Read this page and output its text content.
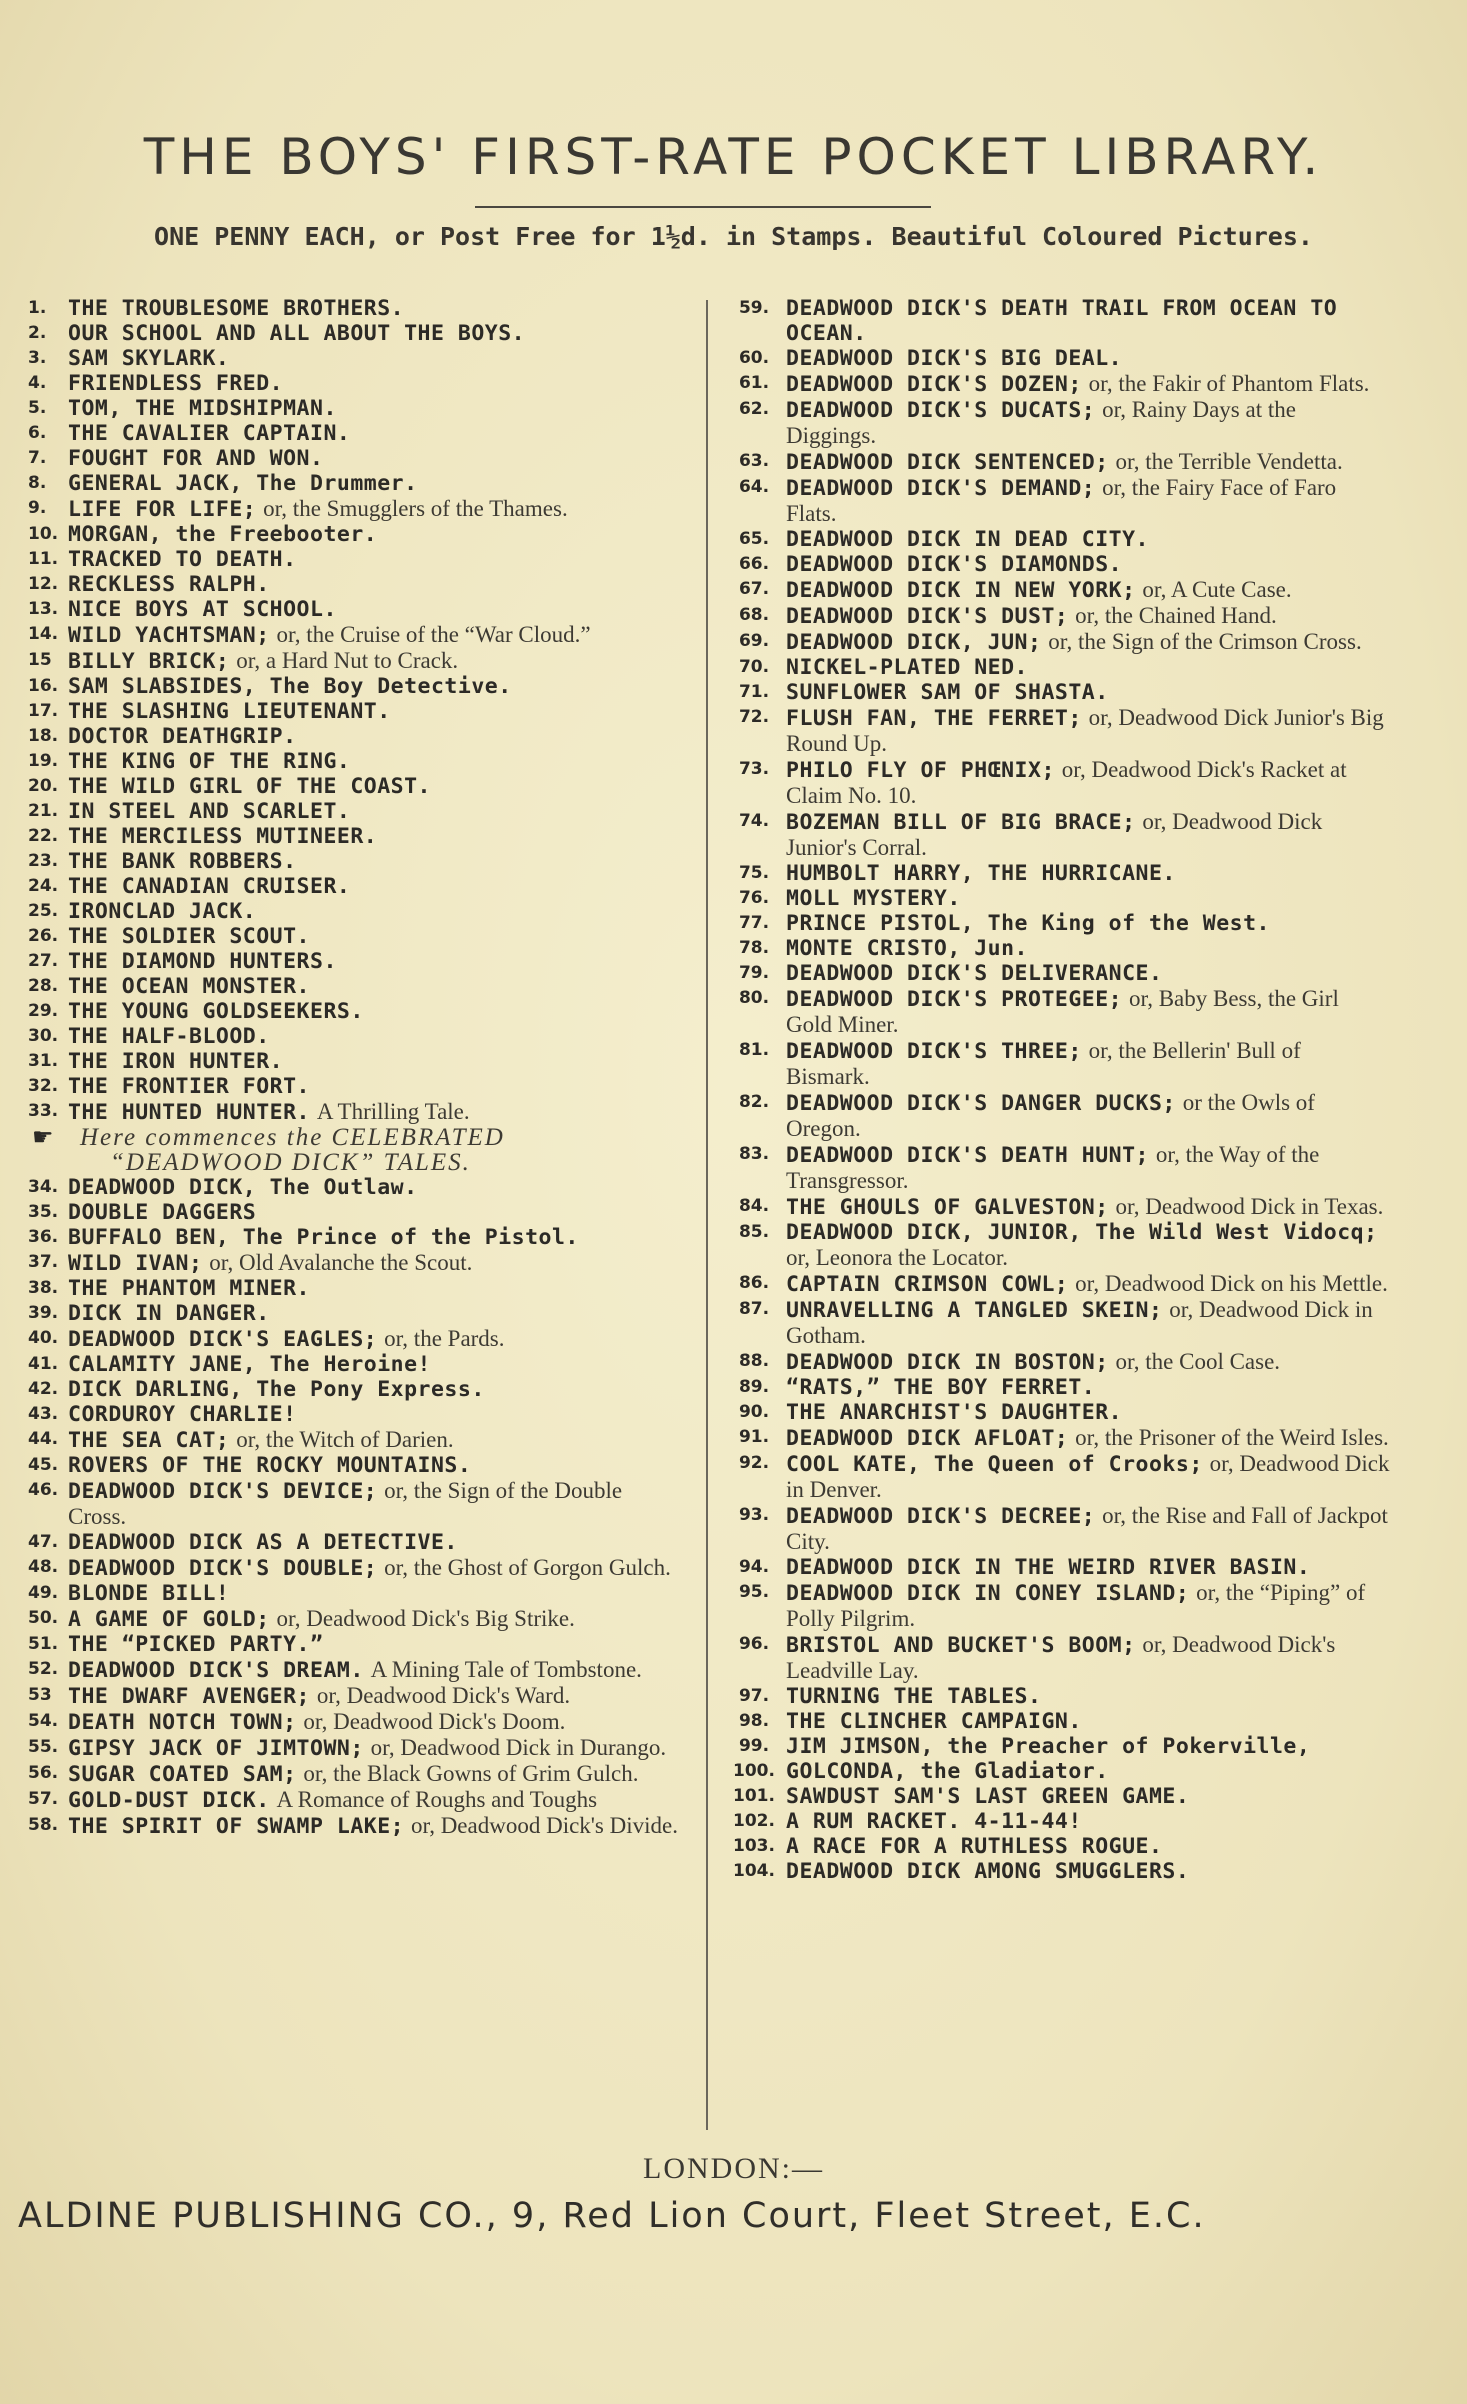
THE BOYS' FIRST-RATE POCKET LIBRARY.

ONE PENNY EACH, or Post Free for 1½d. in Stamps. Beautiful Coloured Pictures.

1.	THE TROUBLESOME BROTHERS.
2.	OUR SCHOOL AND ALL ABOUT THE BOYS.
3.	SAM SKYLARK.
4.	FRIENDLESS FRED.
5.	TOM, THE MIDSHIPMAN.
6.	THE CAVALIER CAPTAIN.
7.	FOUGHT FOR AND WON.
8.	GENERAL JACK, The Drummer.
9.	LIFE FOR LIFE; or, the Smugglers of the Thames.
10. MORGAN, the Freebooter.
11. TRACKED TO DEATH.
12. RECKLESS RALPH.
13. NICE BOYS AT SCHOOL.
14. WILD YACHTSMAN; or, the Cruise of the “War Cloud.”
15 BILLY BRICK; or, a Hard Nut to Crack.
16. SAM SLABSIDES, The Boy Detective.
17. THE SLASHING LIEUTENANT.
18. DOCTOR DEATHGRIP.
19. THE KING OF THE RING.
20. THE WILD GIRL OF THE COAST.
21. IN STEEL AND SCARLET.
22. THE MERCILESS MUTINEER.
23. THE BANK ROBBERS.
24. THE CANADIAN CRUISER.
25. IRONCLAD JACK.
26. THE SOLDIER SCOUT.
27. THE DIAMOND HUNTERS.
28. THE OCEAN MONSTER.
29. THE YOUNG GOLDSEEKERS.
30. THE HALF-BLOOD.
31. THE IRON HUNTER.
32. THE FRONTIER FORT.
33. THE HUNTED HUNTER. A Thrilling Tale.
☛	Here commences the CELEBRATED
“DEADWOOD DICK” TALES.
34. DEADWOOD DICK, The Outlaw.
35. DOUBLE DAGGERS
36. BUFFALO BEN, The Prince of the Pistol.
37. WILD IVAN; or, Old Avalanche the Scout.
38. THE PHANTOM MINER.
39. DICK IN DANGER.
40. DEADWOOD DICK'S EAGLES; or, the Pards.
41. CALAMITY JANE, The Heroine!
42. DICK DARLING, The Pony Express.
43. CORDUROY CHARLIE!
44. THE SEA CAT; or, the Witch of Darien.
45. ROVERS OF THE ROCKY MOUNTAINS.
46. DEADWOOD DICK'S DEVICE; or, the Sign of the Double Cross.
47. DEADWOOD DICK AS A DETECTIVE.
48. DEADWOOD DICK'S DOUBLE; or, the Ghost of Gorgon Gulch.
49. BLONDE BILL!
50. A GAME OF GOLD; or, Deadwood Dick's Big Strike.
51. THE “PICKED PARTY.”
52. DEADWOOD DICK'S DREAM. A Mining Tale of Tombstone.
53 THE DWARF AVENGER; or, Deadwood Dick's Ward.
54. DEATH NOTCH TOWN; or, Deadwood Dick's Doom.
55. GIPSY JACK OF JIMTOWN; or, Deadwood Dick in Durango.
56. SUGAR COATED SAM; or, the Black Gowns of Grim Gulch.
57. GOLD-DUST DICK. A Romance of Roughs and Toughs
58. THE SPIRIT OF SWAMP LAKE; or, Deadwood Dick's Divide.
59. DEADWOOD DICK'S DEATH TRAIL FROM OCEAN TO OCEAN.
60. DEADWOOD DICK'S BIG DEAL.
61. DEADWOOD DICK'S DOZEN; or, the Fakir of Phantom Flats.
62. DEADWOOD DICK'S DUCATS; or, Rainy Days at the Diggings.
63. DEADWOOD DICK SENTENCED; or, the Terrible Vendetta.
64. DEADWOOD DICK'S DEMAND; or, the Fairy Face of Faro Flats.
65. DEADWOOD DICK IN DEAD CITY.
66. DEADWOOD DICK'S DIAMONDS.
67. DEADWOOD DICK IN NEW YORK; or, A Cute Case.
68. DEADWOOD DICK'S DUST; or, the Chained Hand.
69. DEADWOOD DICK, JUN; or, the Sign of the Crimson Cross.
70. NICKEL-PLATED NED.
71. SUNFLOWER SAM OF SHASTA.
72. FLUSH FAN, THE FERRET; or, Deadwood Dick Junior's Big Round Up.
73. PHILO FLY OF PHŒNIX; or, Deadwood Dick's Racket at Claim No. 10.
74. BOZEMAN BILL OF BIG BRACE; or, Deadwood Dick Junior's Corral.
75. HUMBOLT HARRY, THE HURRICANE.
76. MOLL MYSTERY.
77. PRINCE PISTOL, The King of the West.
78. MONTE CRISTO, Jun.
79. DEADWOOD DICK'S DELIVERANCE.
80. DEADWOOD DICK'S PROTEGEE; or, Baby Bess, the Girl Gold Miner.
81. DEADWOOD DICK'S THREE; or, the Bellerin' Bull of Bismark.
82. DEADWOOD DICK'S DANGER DUCKS; or the Owls of Oregon.
83. DEADWOOD DICK'S DEATH HUNT; or, the Way of the Transgressor.
84. THE GHOULS OF GALVESTON; or, Deadwood Dick in Texas.
85. DEADWOOD DICK, JUNIOR, The Wild West Vidocq; or, Leonora the Locator.
86. CAPTAIN CRIMSON COWL; or, Deadwood Dick on his Mettle.
87. UNRAVELLING A TANGLED SKEIN; or, Deadwood Dick in Gotham.
88. DEADWOOD DICK IN BOSTON; or, the Cool Case.
89. “RATS,” THE BOY FERRET.
90. THE ANARCHIST'S DAUGHTER.
91. DEADWOOD DICK AFLOAT; or, the Prisoner of the Weird Isles.
92. COOL KATE, The Queen of Crooks; or, Deadwood Dick in Denver.
93. DEADWOOD DICK'S DECREE; or, the Rise and Fall of Jackpot City.
94. DEADWOOD DICK IN THE WEIRD RIVER BASIN.
95. DEADWOOD DICK IN CONEY ISLAND; or, the “Piping” of Polly Pilgrim.
96. BRISTOL AND BUCKET'S BOOM; or, Deadwood Dick's Leadville Lay.
97. TURNING THE TABLES.
98. THE CLINCHER CAMPAIGN.
99. JIM JIMSON, the Preacher of Pokerville,
100. GOLCONDA, the Gladiator.
101. SAWDUST SAM'S LAST GREEN GAME.
102. A RUM RACKET. 4-11-44!
103. A RACE FOR A RUTHLESS ROGUE.
104. DEADWOOD DICK AMONG SMUGGLERS.
LONDON:—
ALDINE PUBLISHING CO., 9, Red Lion Court, Fleet Street, E.C.
